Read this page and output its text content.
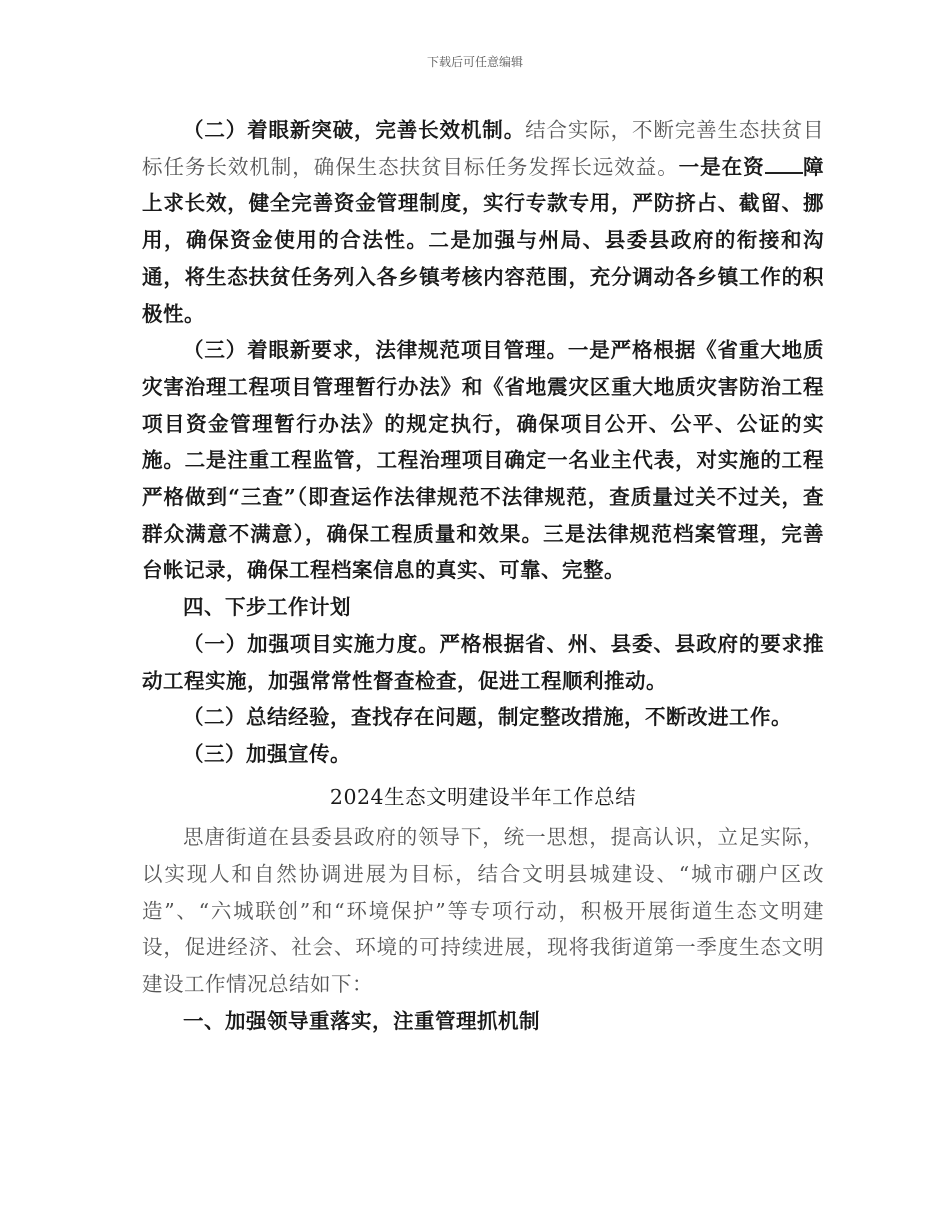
下载后可任意编辑

（二）着眼新突破，完善长效机制。结合实际，不断完善生态扶贫目标任务长效机制，确保生态扶贫目标任务发挥长远效益。一是在资 障上求长效，健全完善资金管理制度，实行专款专用，严防挤占、截留、挪用，确保资金使用的合法性。二是加强与州局、县委县政府的衔接和沟通，将生态扶贫任务列入各乡镇考核内容范围，充分调动各乡镇工作的积极性。

（三）着眼新要求，法律规范项目管理。一是严格根据《省重大地质灾害治理工程项目管理暂行办法》和《省地震灾区重大地质灾害防治工程项目资金管理暂行办法》的规定执行，确保项目公开、公平、公证的实施。二是注重工程监管，工程治理项目确定一名业主代表，对实施的工程严格做到“三查”（即查运作法律规范不法律规范，查质量过关不过关，查群众满意不满意），确保工程质量和效果。三是法律规范档案管理，完善台帐记录，确保工程档案信息的真实、可靠、完整。

四、下步工作计划

（一）加强项目实施力度。严格根据省、州、县委、县政府的要求推动工程实施，加强常常性督查检查，促进工程顺利推动。

（二）总结经验，查找存在问题，制定整改措施，不断改进工作。

（三）加强宣传。

2024生态文明建设半年工作总结

思唐街道在县委县政府的领导下，统一思想，提高认识，立足实际，以实现人和自然协调进展为目标，结合文明县城建设、“城市硼户区改造”、“六城联创”和“环境保护”等专项行动，积极开展街道生态文明建设，促进经济、社会、环境的可持续进展，现将我街道第一季度生态文明建设工作情况总结如下：

一、加强领导重落实，注重管理抓机制
